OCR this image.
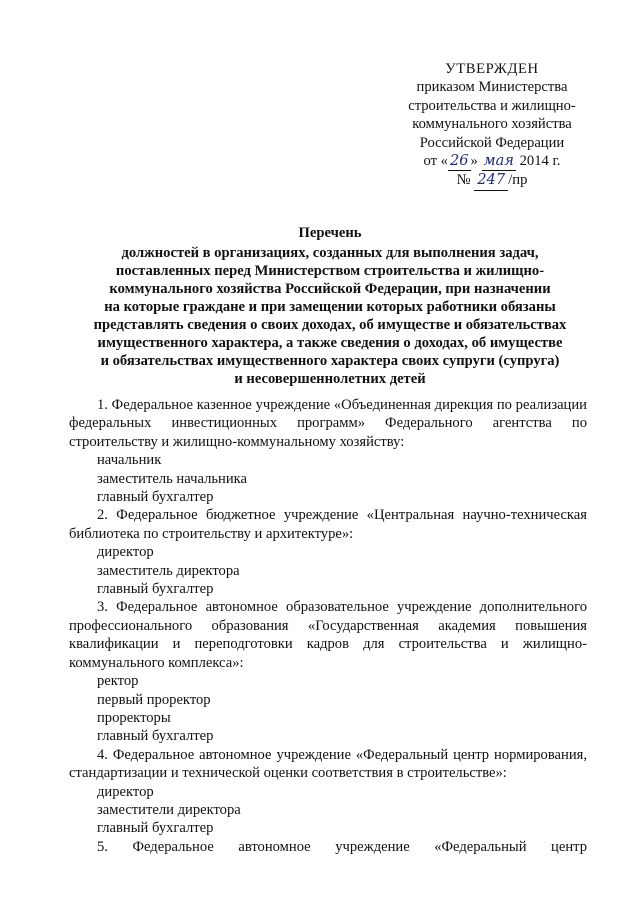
УТВЕРЖДЕН
приказом Министерства
строительства и жилищно-
коммунального хозяйства
Российской Федерации
от « 26 » мая 2014 г.
№ 247 /пр
Перечень
должностей в организациях, созданных для выполнения задач,
поставленных перед Министерством строительства и жилищно-
коммунального хозяйства Российской Федерации, при назначении
на которые граждане и при замещении которых работники обязаны
представлять сведения о своих доходах, об имуществе и обязательствах
имущественного характера, а также сведения о доходах, об имуществе
и обязательствах имущественного характера своих супруги (супруга)
и несовершеннолетних детей
1. Федеральное казенное учреждение «Объединенная дирекция по реализации федеральных инвестиционных программ» Федерального агентства по строительству и жилищно-коммунальному хозяйству:
начальник
заместитель начальника
главный бухгалтер
2. Федеральное бюджетное учреждение «Центральная научно-техническая библиотека по строительству и архитектуре»:
директор
заместитель директора
главный бухгалтер
3. Федеральное автономное образовательное учреждение дополнительного профессионального образования «Государственная академия повышения квалификации и переподготовки кадров для строительства и жилищно-коммунального комплекса»:
ректор
первый проректор
проректоры
главный бухгалтер
4. Федеральное автономное учреждение «Федеральный центр нормирования, стандартизации и технической оценки соответствия в строительстве»:
директор
заместители директора
главный бухгалтер
5. Федеральное автономное учреждение «Федеральный центр
